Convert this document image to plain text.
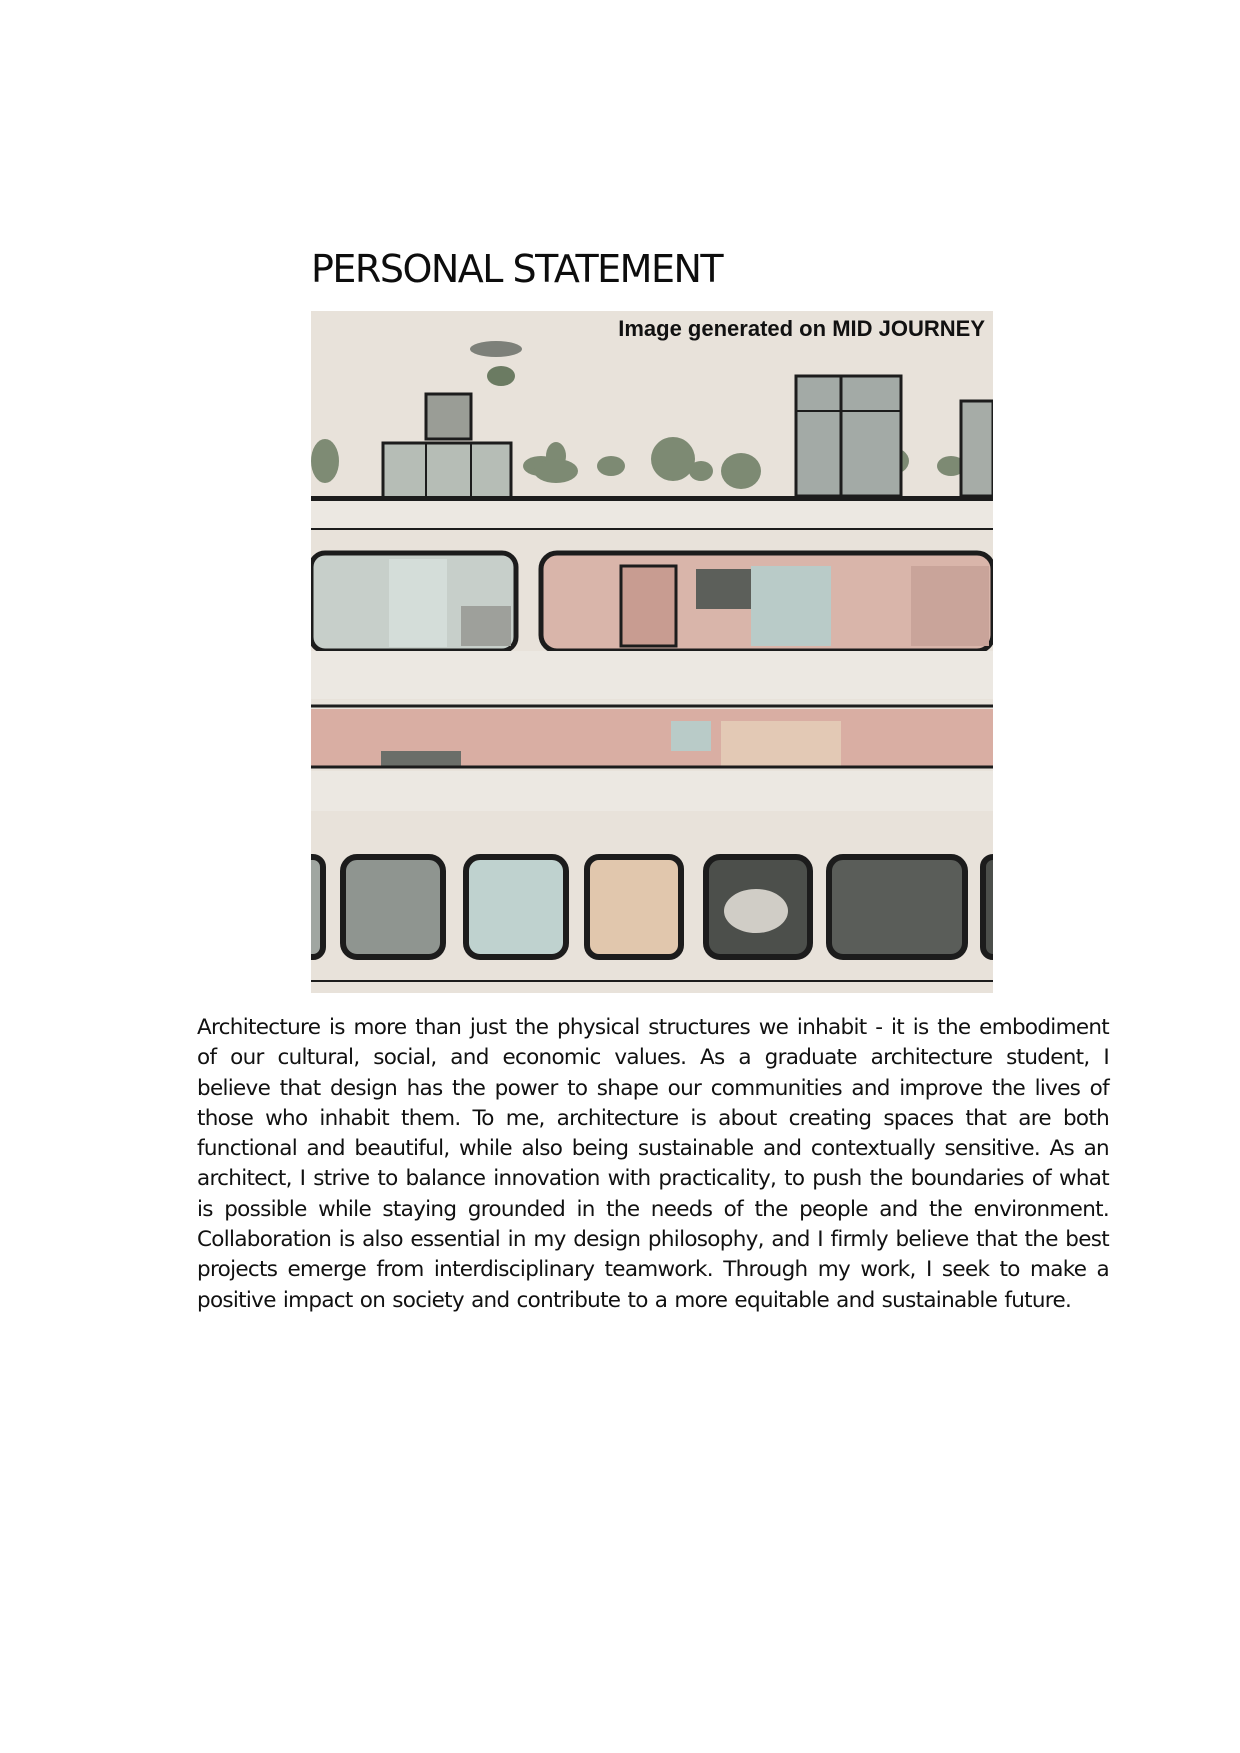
PERSONAL STATEMENT

Image generated on MID JOURNEY

Architecture is more than just the physical structures we inhabit - it is the embodiment of our cultural, social, and economic values. As a graduate architecture student, I believe that design has the power to shape our communities and improve the lives of those who inhabit them. To me, architecture is about creating spaces that are both functional and beautiful, while also being sustainable and contextually sensitive. As an architect, I strive to balance innovation with practicality, to push the boundaries of what is possible while staying grounded in the needs of the people and the environment. Collaboration is also essential in my design philosophy, and I firmly believe that the best projects emerge from interdisciplinary teamwork. Through my work, I seek to make a positive impact on society and contribute to a more equitable and sustainable future.
